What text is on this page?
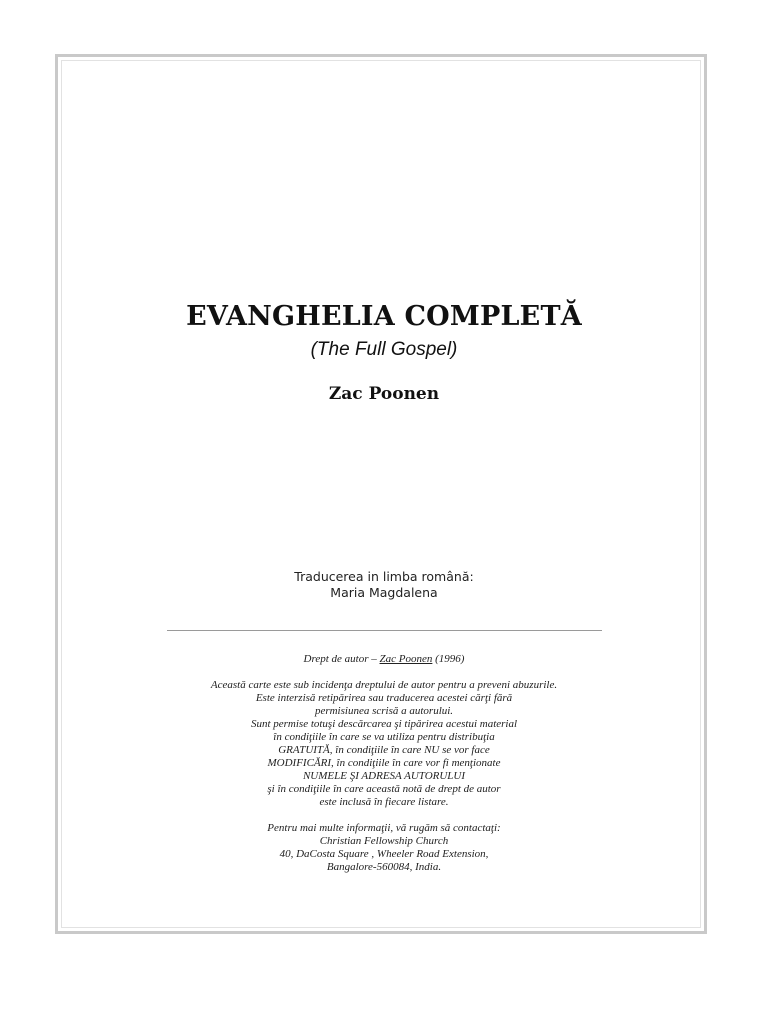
EVANGHELIA COMPLETĂ
(The Full Gospel)
Zac Poonen
Traducerea in limba română:
Maria Magdalena
Drept de autor – Zac Poonen (1996)
Această carte este sub incidenţa dreptului de autor pentru a preveni abuzurile.
Este interzisă retipărirea sau traducerea acestei cărţi fără
permisiunea scrisă a autorului.
Sunt permise totuşi descărcarea şi tipărirea acestui material
în condiţiile în care se va utiliza pentru distribuţia
GRATUITĂ, în condiţiile în care NU se vor face
MODIFICĂRI, în condiţiile în care vor fi menţionate
NUMELE ŞI ADRESA AUTORULUI
şi în condiţiile în care această notă de drept de autor
este inclusă în fiecare listare.
Pentru mai multe informaţii, vă rugăm să contactaţi:
Christian Fellowship Church
40, DaCosta Square , Wheeler Road Extension,
Bangalore-560084, India.
